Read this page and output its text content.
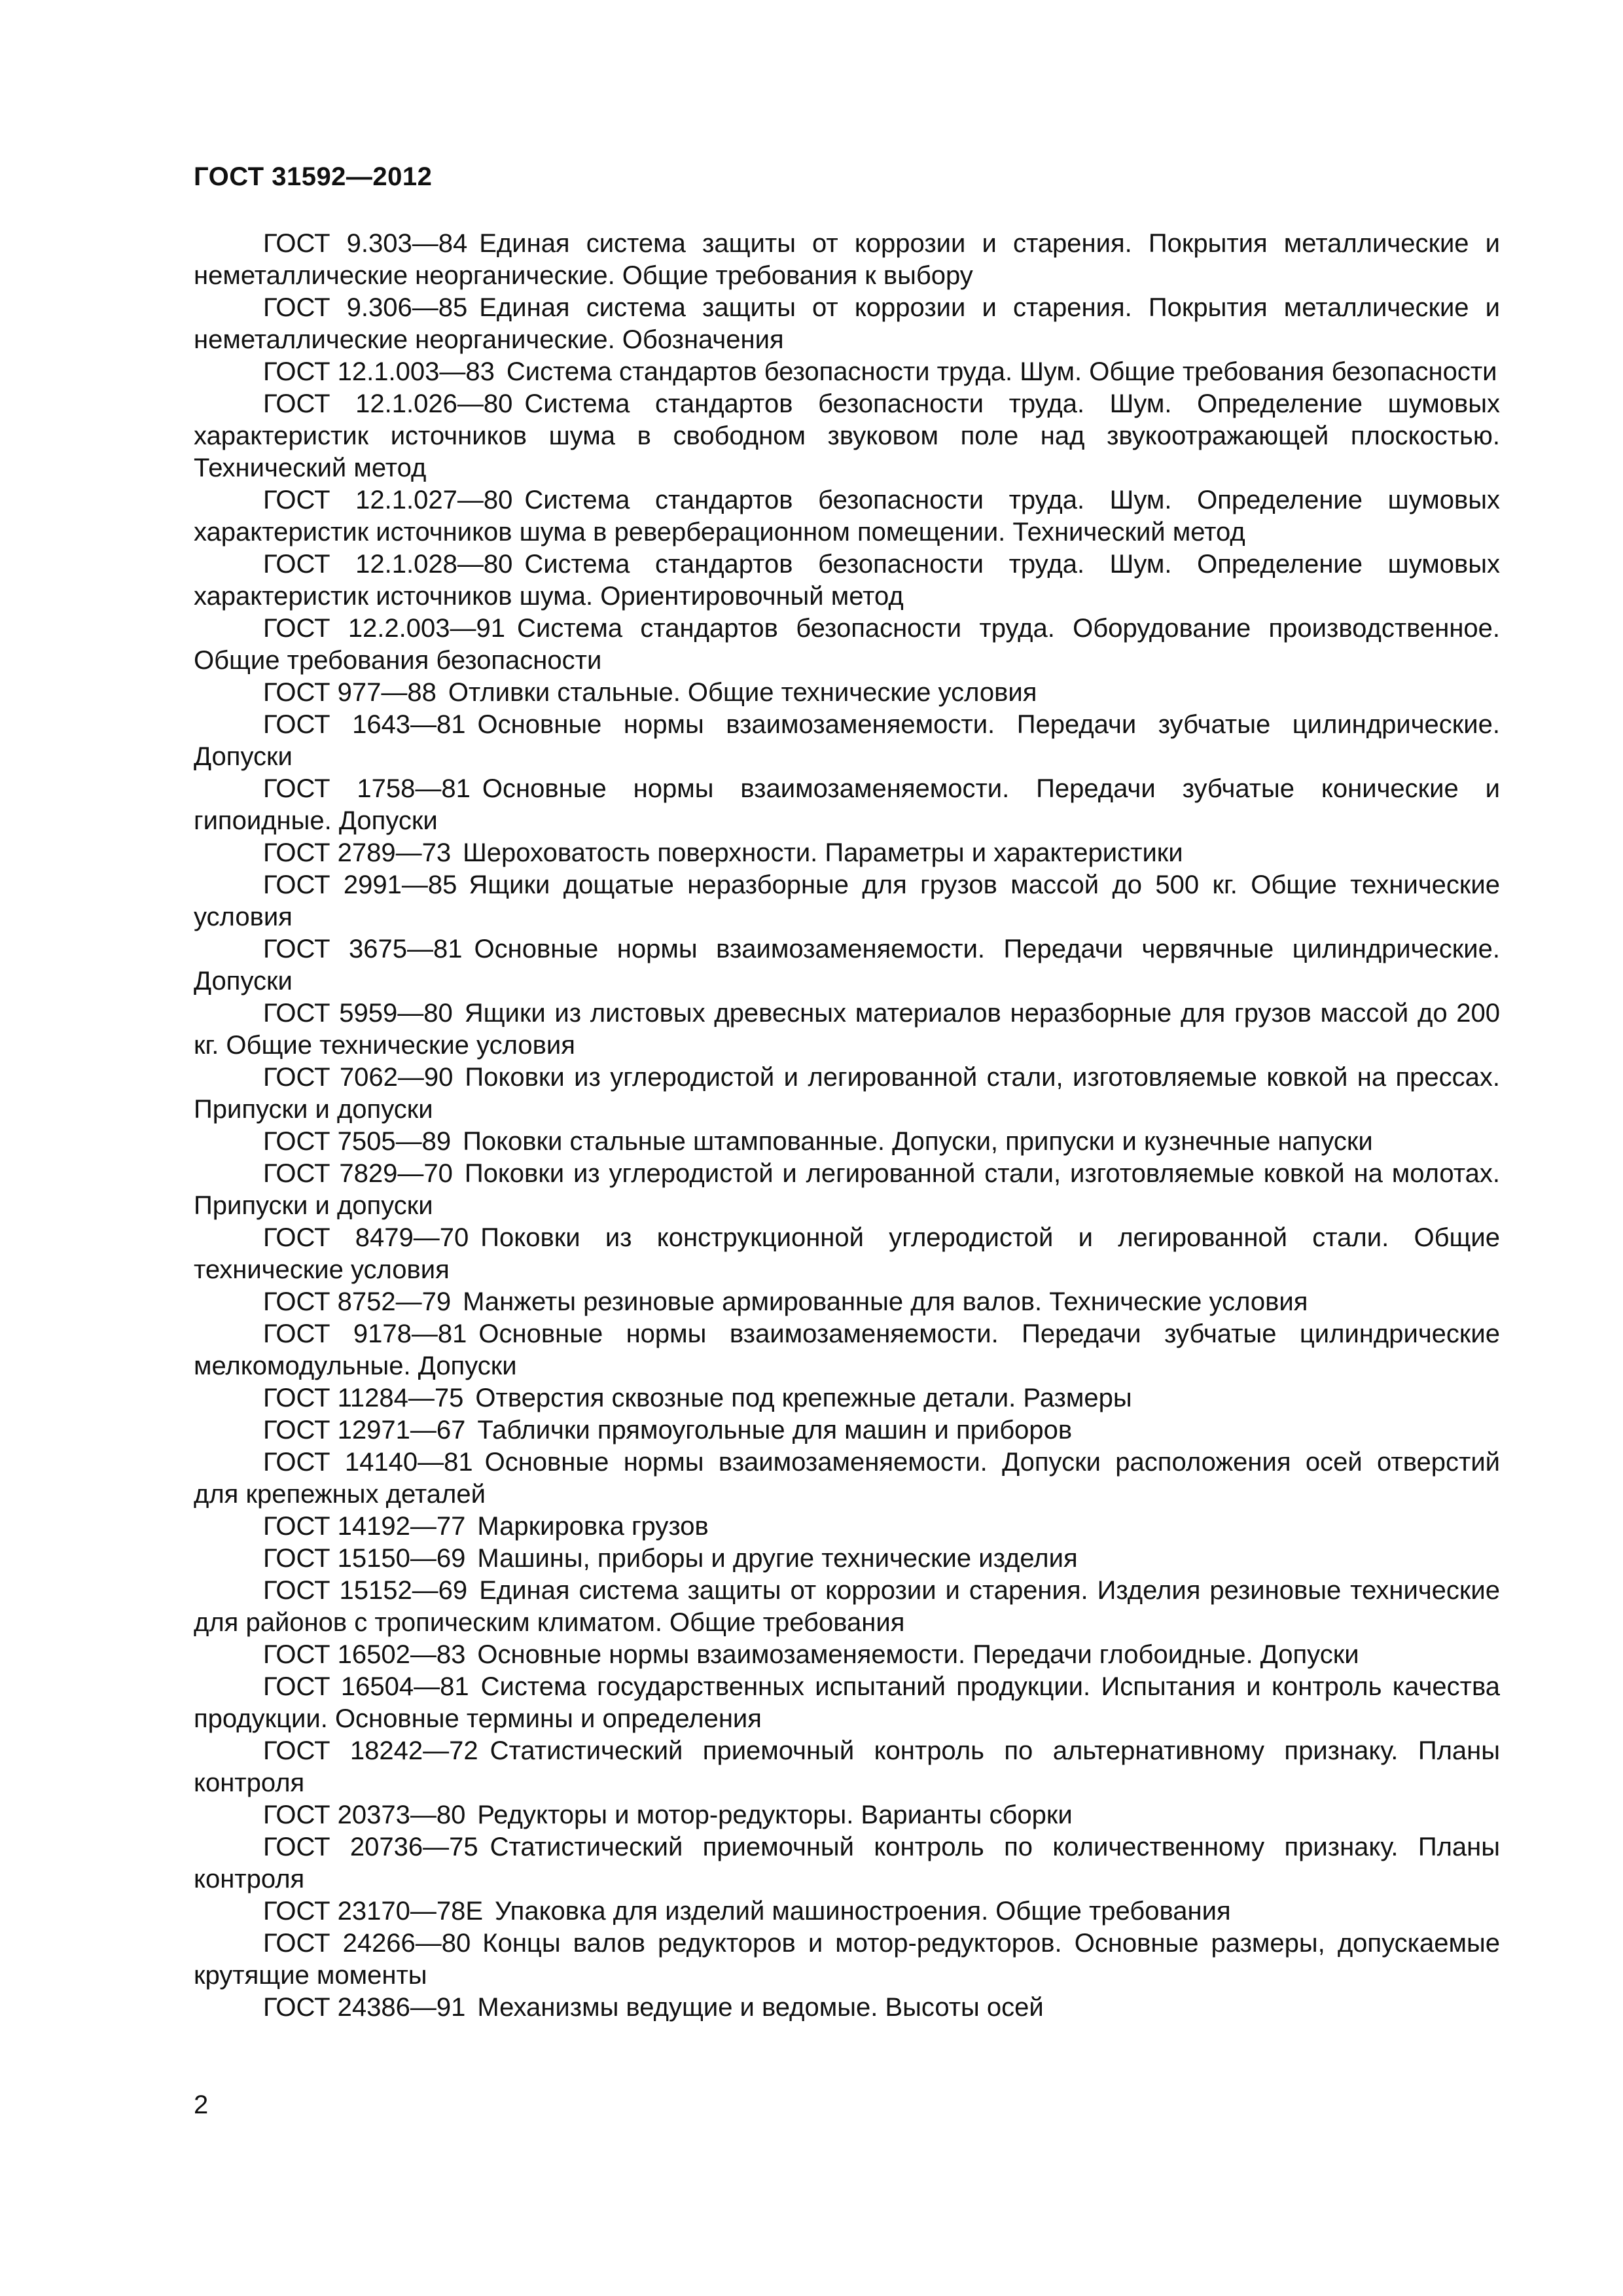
ГОСТ 31592—2012
ГОСТ 9.303—84 Единая система защиты от коррозии и старения. Покрытия металлические и неметаллические неорганические. Общие требования к выбору
ГОСТ 9.306—85 Единая система защиты от коррозии и старения. Покрытия металлические и неметаллические неорганические. Обозначения
ГОСТ 12.1.003—83 Система стандартов безопасности труда. Шум. Общие требования безопасности
ГОСТ 12.1.026—80 Система стандартов безопасности труда. Шум. Определение шумовых характеристик источников шума в свободном звуковом поле над звукоотражающей плоскостью. Технический метод
ГОСТ 12.1.027—80 Система стандартов безопасности труда. Шум. Определение шумовых характеристик источников шума в реверберационном помещении. Технический метод
ГОСТ 12.1.028—80 Система стандартов безопасности труда. Шум. Определение шумовых характеристик источников шума. Ориентировочный метод
ГОСТ 12.2.003—91 Система стандартов безопасности труда. Оборудование производственное. Общие требования безопасности
ГОСТ 977—88 Отливки стальные. Общие технические условия
ГОСТ 1643—81 Основные нормы взаимозаменяемости. Передачи зубчатые цилиндрические. Допуски
ГОСТ 1758—81 Основные нормы взаимозаменяемости. Передачи зубчатые конические и гипоидные. Допуски
ГОСТ 2789—73 Шероховатость поверхности. Параметры и характеристики
ГОСТ 2991—85 Ящики дощатые неразборные для грузов массой до 500 кг. Общие технические условия
ГОСТ 3675—81 Основные нормы взаимозаменяемости. Передачи червячные цилиндрические. Допуски
ГОСТ 5959—80 Ящики из листовых древесных материалов неразборные для грузов массой до 200 кг. Общие технические условия
ГОСТ 7062—90 Поковки из углеродистой и легированной стали, изготовляемые ковкой на прессах. Припуски и допуски
ГОСТ 7505—89 Поковки стальные штампованные. Допуски, припуски и кузнечные напуски
ГОСТ 7829—70 Поковки из углеродистой и легированной стали, изготовляемые ковкой на молотах. Припуски и допуски
ГОСТ 8479—70 Поковки из конструкционной углеродистой и легированной стали. Общие технические условия
ГОСТ 8752—79 Манжеты резиновые армированные для валов. Технические условия
ГОСТ 9178—81 Основные нормы взаимозаменяемости. Передачи зубчатые цилиндрические мелкомодульные. Допуски
ГОСТ 11284—75 Отверстия сквозные под крепежные детали. Размеры
ГОСТ 12971—67 Таблички прямоугольные для машин и приборов
ГОСТ 14140—81 Основные нормы взаимозаменяемости. Допуски расположения осей отверстий для крепежных деталей
ГОСТ 14192—77 Маркировка грузов
ГОСТ 15150—69 Машины, приборы и другие технические изделия
ГОСТ 15152—69 Единая система защиты от коррозии и старения. Изделия резиновые технические для районов с тропическим климатом. Общие требования
ГОСТ 16502—83 Основные нормы взаимозаменяемости. Передачи глобоидные. Допуски
ГОСТ 16504—81 Система государственных испытаний продукции. Испытания и контроль качества продукции. Основные термины и определения
ГОСТ 18242—72 Статистический приемочный контроль по альтернативному признаку. Планы контроля
ГОСТ 20373—80 Редукторы и мотор-редукторы. Варианты сборки
ГОСТ 20736—75 Статистический приемочный контроль по количественному признаку. Планы контроля
ГОСТ 23170—78Е Упаковка для изделий машиностроения. Общие требования
ГОСТ 24266—80 Концы валов редукторов и мотор-редукторов. Основные размеры, допускаемые крутящие моменты
ГОСТ 24386—91 Механизмы ведущие и ведомые. Высоты осей
2
